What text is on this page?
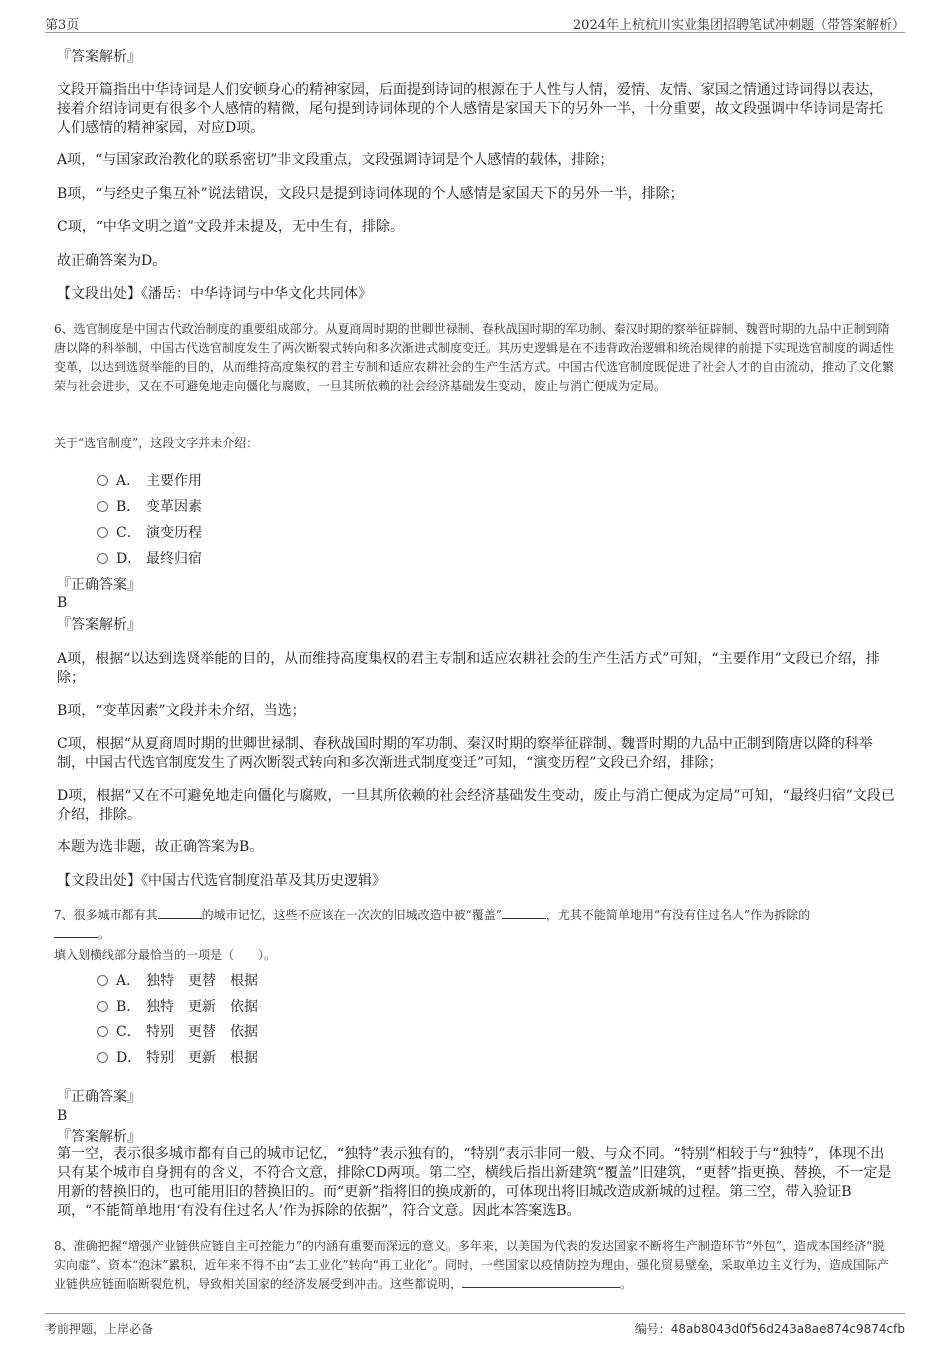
第3页	2024年上杭杭川实业集团招聘笔试冲刺题（带答案解析）
『答案解析』
文段开篇指出中华诗词是人们安顿身心的精神家园，后面提到诗词的根源在于人性与人情，爱情、友情、家国之情通过诗词得以表达，接着介绍诗词更有很多个人感情的精微，尾句提到诗词体现的个人感情是家国天下的另外一半，十分重要，故文段强调中华诗词是寄托人们感情的精神家园，对应D项。
A项，“与国家政治教化的联系密切”非文段重点，文段强调诗词是个人感情的载体，排除；
B项，“与经史子集互补”说法错误，文段只是提到诗词体现的个人感情是家国天下的另外一半，排除；
C项，“中华文明之道”文段并未提及，无中生有，排除。
故正确答案为D。
【文段出处】《潘岳：中华诗词与中华文化共同体》
6、选官制度是中国古代政治制度的重要组成部分。从夏商周时期的世卿世禄制、春秋战国时期的军功制、秦汉时期的察举征辟制、魏晋时期的九品中正制到隋唐以降的科举制，中国古代选官制度发生了两次断裂式转向和多次渐进式制度变迁。其历史逻辑是在不违背政治逻辑和统治规律的前提下实现选官制度的调适性变革，以达到选贤举能的目的，从而维持高度集权的君主专制和适应农耕社会的生产生活方式。中国古代选官制度既促进了社会人才的自由流动，推动了文化繁荣与社会进步，又在不可避免地走向僵化与腐败，一旦其所依赖的社会经济基础发生变动，废止与消亡便成为定局。
关于“选官制度”，这段文字并未介绍：
A． 主要作用
B． 变革因素
C． 演变历程
D． 最终归宿
『正确答案』
B
『答案解析』
A项，根据“以达到选贤举能的目的，从而维持高度集权的君主专制和适应农耕社会的生产生活方式”可知，“主要作用”文段已介绍，排除；
B项，“变革因素”文段并未介绍，当选；
C项，根据“从夏商周时期的世卿世禄制、春秋战国时期的军功制、秦汉时期的察举征辟制、魏晋时期的九品中正制到隋唐以降的科举制，中国古代选官制度发生了两次断裂式转向和多次渐进式制度变迁”可知，“演变历程”文段已介绍，排除；
D项，根据“又在不可避免地走向僵化与腐败，一旦其所依赖的社会经济基础发生变动，废止与消亡便成为定局”可知，“最终归宿”文段已介绍，排除。
本题为选非题，故正确答案为B。
【文段出处】《中国古代选官制度沿革及其历史逻辑》
7、很多城市都有其	的城市记忆，这些不应该在一次次的旧城改造中被“覆盖”	，尤其不能简单地用“有没有住过名人”作为拆除的
。
填入划横线部分最恰当的一项是（　　）。
A． 独特 更替 根据
B． 独特 更新 依据
C． 特别 更替 依据
D． 特别 更新 根据
『正确答案』
B
『答案解析』
第一空，表示很多城市都有自己的城市记忆，“独特”表示独有的，“特别”表示非同一般、与众不同。“特别”相较于与“独特”，体现不出只有某个城市自身拥有的含义，不符合文意，排除CD两项。第二空，横线后指出新建筑“覆盖”旧建筑，“更替”指更换、替换，不一定是用新的替换旧的，也可能用旧的替换旧的。而“更新”指将旧的换成新的，可体现出将旧城改造成新城的过程。第三空，带入验证B项，“不能简单地用‘有没有住过名人’作为拆除的依据”，符合文意。因此本答案选B。
8、准确把握“增强产业链供应链自主可控能力”的内涵有重要而深远的意义。多年来，以美国为代表的发达国家不断将生产制造环节“外包”，造成本国经济“脱实向虚”、资本“泡沫”累积，近年来不得不由“去工业化”转向“再工业化”。同时，一些国家以疫情防控为理由，强化贸易壁垒，采取单边主义行为，造成国际产业链供应链面临断裂危机，导致相关国家的经济发展受到冲击。这些都说明，	。
考前押题，上岸必备	编号：48ab8043d0f56d243a8ae874c9874cfb
